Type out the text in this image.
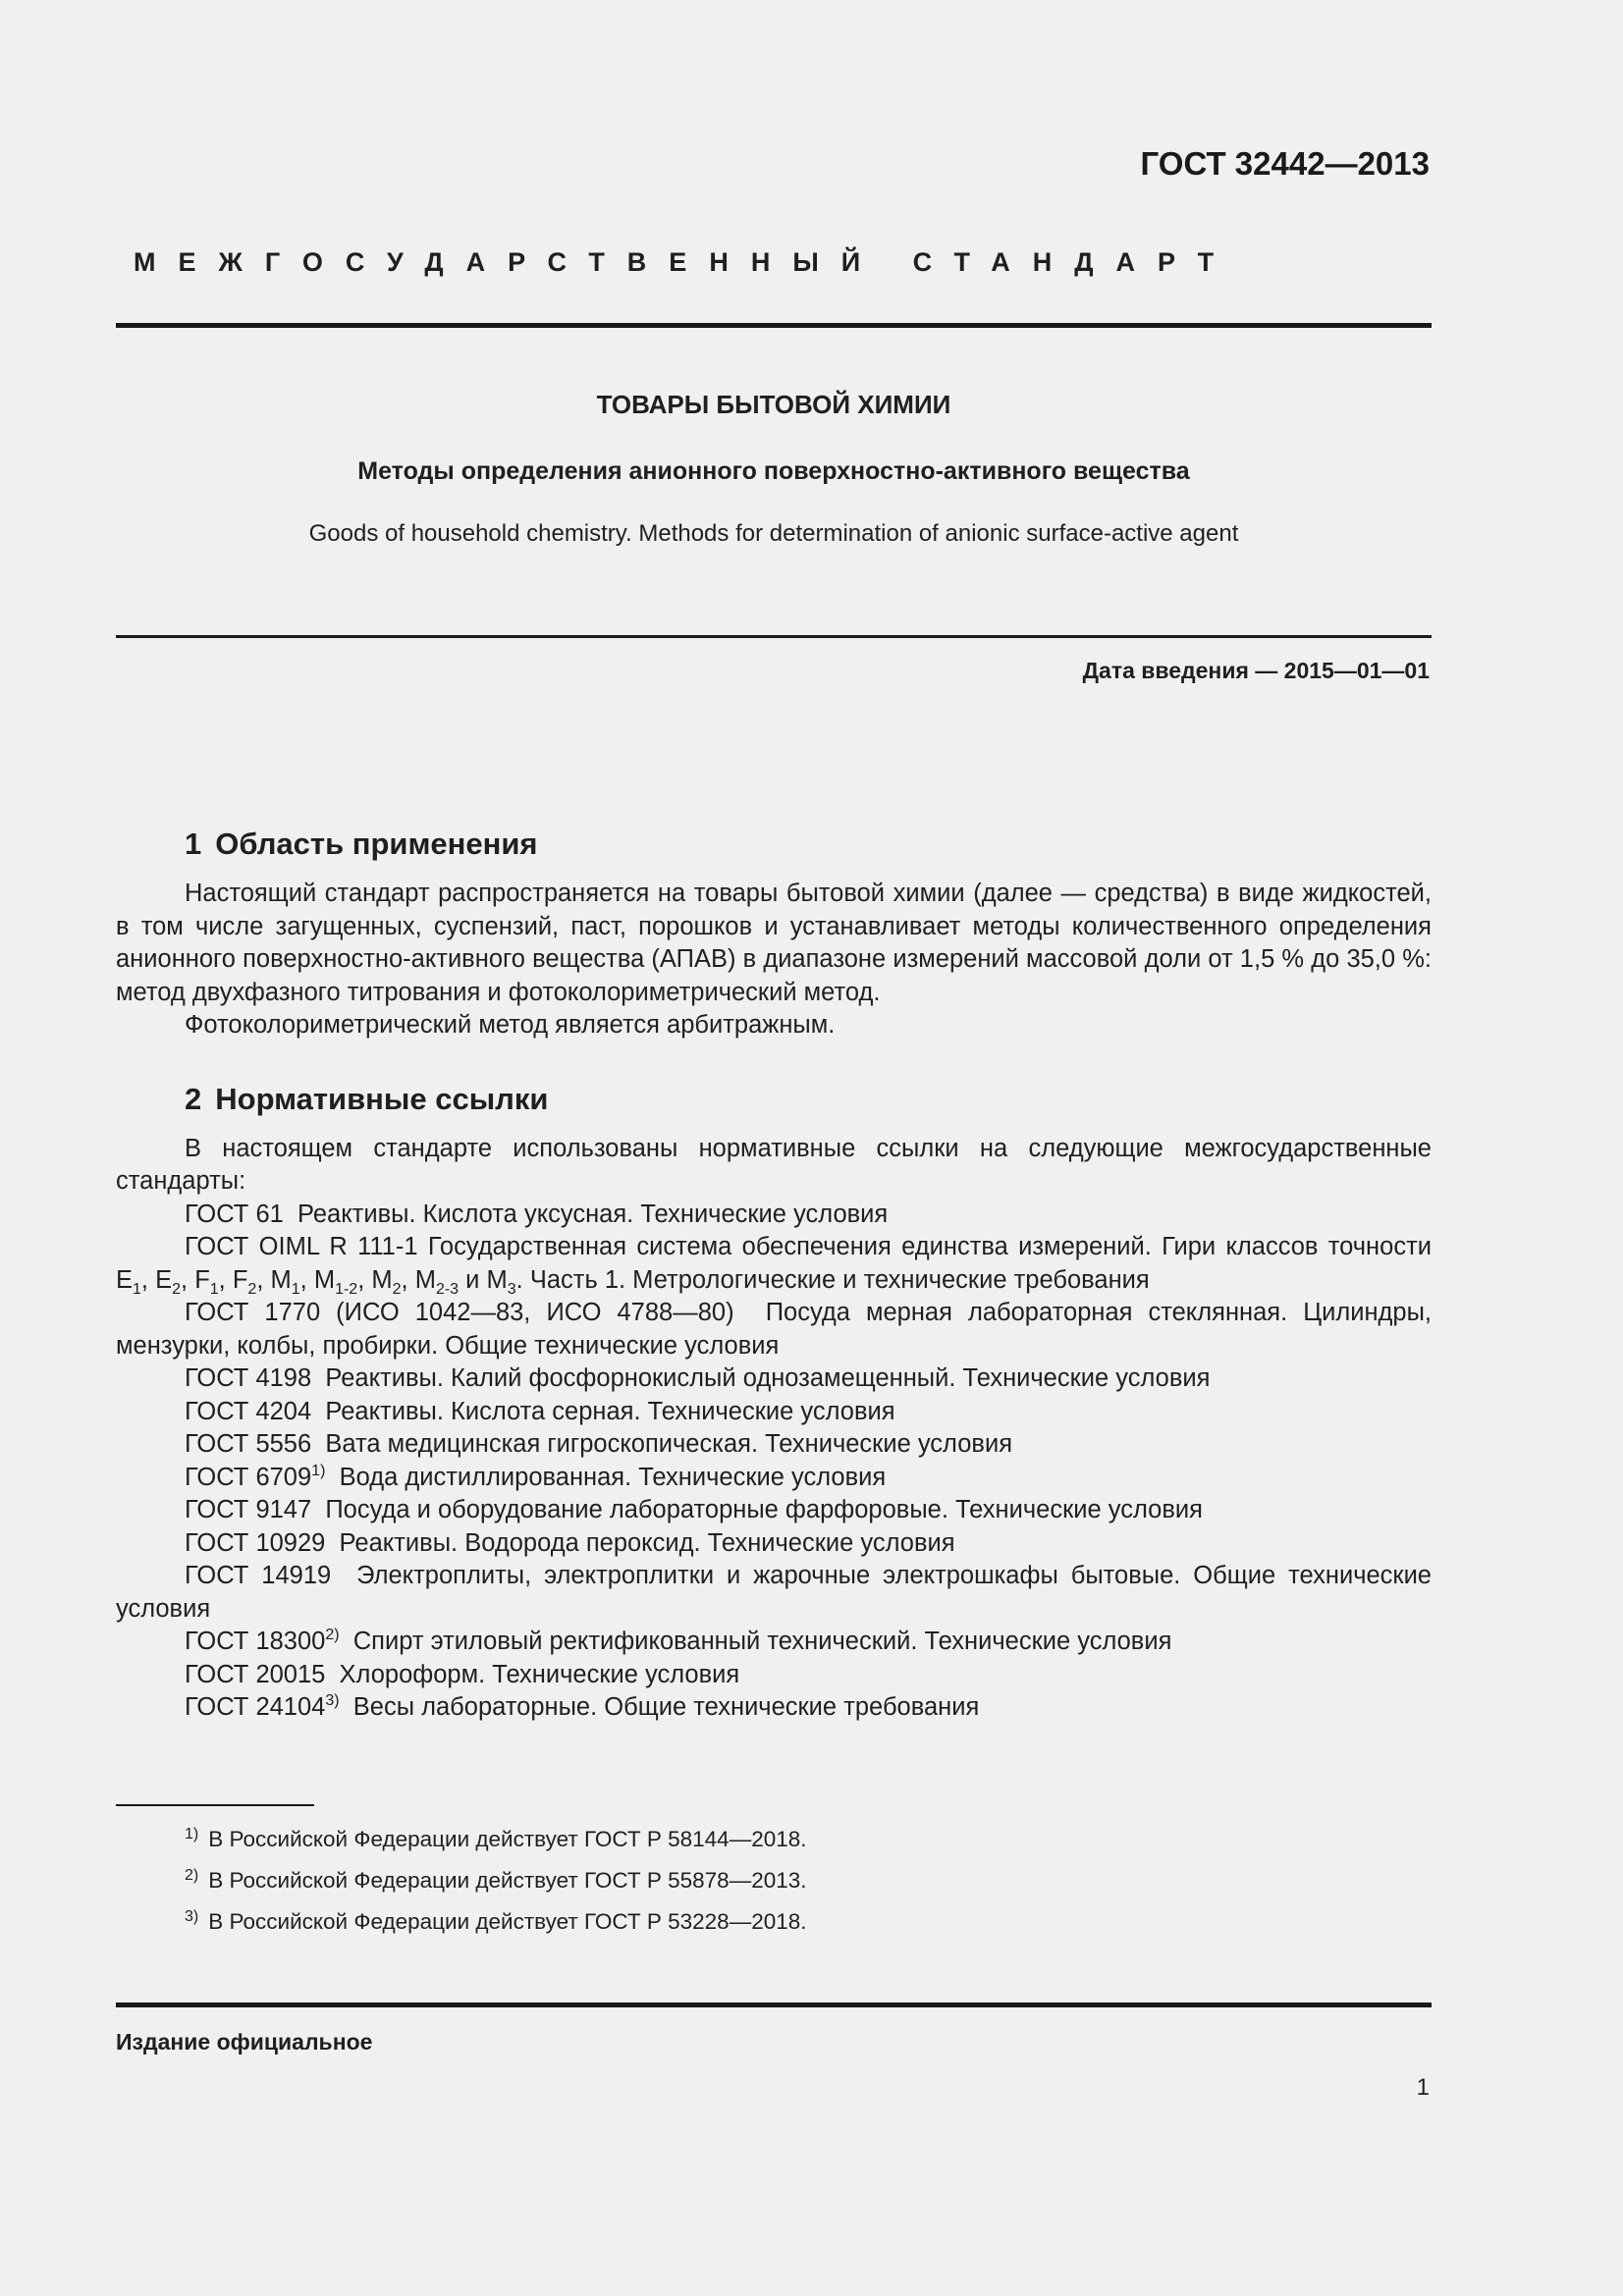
ГОСТ 32442—2013
МЕЖГОСУДАРСТВЕННЫЙ СТАНДАРТ
ТОВАРЫ БЫТОВОЙ ХИМИИ
Методы определения анионного поверхностно-активного вещества
Goods of household chemistry. Methods for determination of anionic surface-active agent
Дата введения — 2015—01—01
1 Область применения

Настоящий стандарт распространяется на товары бытовой химии (далее — средства) в виде жидкостей, в том числе загущенных, суспензий, паст, порошков и устанавливает методы количественного определения анионного поверхностно-активного вещества (АПАВ) в диапазоне измерений массовой доли от 1,5 % до 35,0 %: метод двухфазного титрования и фотоколориметрический метод.

Фотоколориметрический метод является арбитражным.

2 Нормативные ссылки

В настоящем стандарте использованы нормативные ссылки на следующие межгосударственные стандарты:

ГОСТ 61 Реактивы. Кислота уксусная. Технические условия

ГОСТ OIML R 111-1 Государственная система обеспечения единства измерений. Гири классов точности $E_1$, $E_2$, $F_1$, $F_2$, $M_1$, $M_{1-2}$, $M_2$, $M_{2-3}$ и $M_3$. Часть 1. Метрологические и технические требования

ГОСТ 1770 (ИСО 1042—83, ИСО 4788—80) Посуда мерная лабораторная стеклянная. Цилиндры, мензурки, колбы, пробирки. Общие технические условия

ГОСТ 4198 Реактивы. Калий фосфорнокислый однозамещенный. Технические условия

ГОСТ 4204 Реактивы. Кислота серная. Технические условия

ГОСТ 5556 Вата медицинская гигроскопическая. Технические условия

ГОСТ 6709$^{1)}$ Вода дистиллированная. Технические условия

ГОСТ 9147 Посуда и оборудование лабораторные фарфоровые. Технические условия

ГОСТ 10929 Реактивы. Водорода пероксид. Технические условия

ГОСТ 14919 Электроплиты, электроплитки и жарочные электрошкафы бытовые. Общие технические условия

ГОСТ 18300$^{2)}$ Спирт этиловый ректификованный технический. Технические условия

ГОСТ 20015 Хлороформ. Технические условия

ГОСТ 24104$^{3)}$ Весы лабораторные. Общие технические требования

$^{1)}$ В Российской Федерации действует ГОСТ Р 58144—2018.
$^{2)}$ В Российской Федерации действует ГОСТ Р 55878—2013.
$^{3)}$ В Российской Федерации действует ГОСТ Р 53228—2018.
Издание официальное
1
